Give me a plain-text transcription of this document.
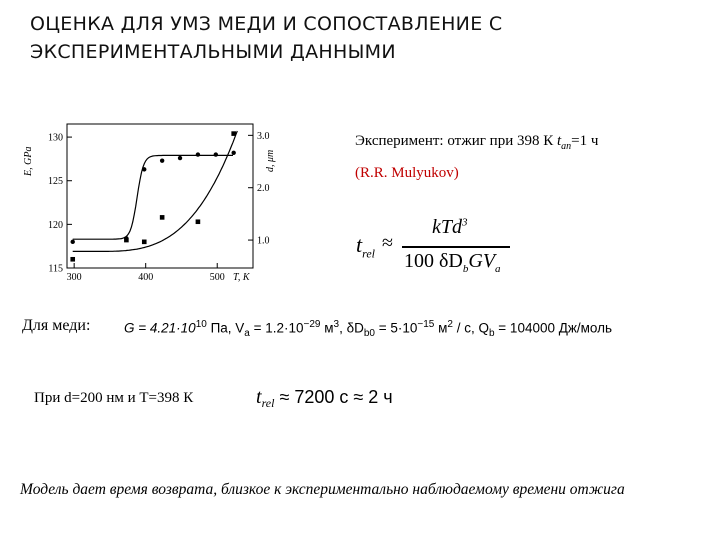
ОЦЕНКА ДЛЯ УМЗ МЕДИ И СОПОСТАВЛЕНИЕ С
ЭКСПЕРИМЕНТАЛЬНЫМИ ДАННЫМИ
300	400	500
115
120
125
130
1.0
2.0
3.0
T, K
E, GPa	d, μm
Эксперимент: отжиг при 398 К $t_{an}=1$ ч
(R.R. Mulyukov)
$t_{rel}$ ≈
kTd$^3$
100 $\delta D_bGV_a$
Для меди: $G = 4.21\cdot 10^{10}$ Па, $V_a = 1.2\cdot 10^{-29}$ $м^3$, $\delta D_{b0} = 5\cdot 10^{-15}$ $м^2$ / с, $Q_b = 104000$ Дж/моль
При d=200 нм и T=398 К	$t_{rel} \approx 7200$ с ≈ 2 ч
Модель дает время возврата, близкое к экспериментально наблюдаемому времени отжига
